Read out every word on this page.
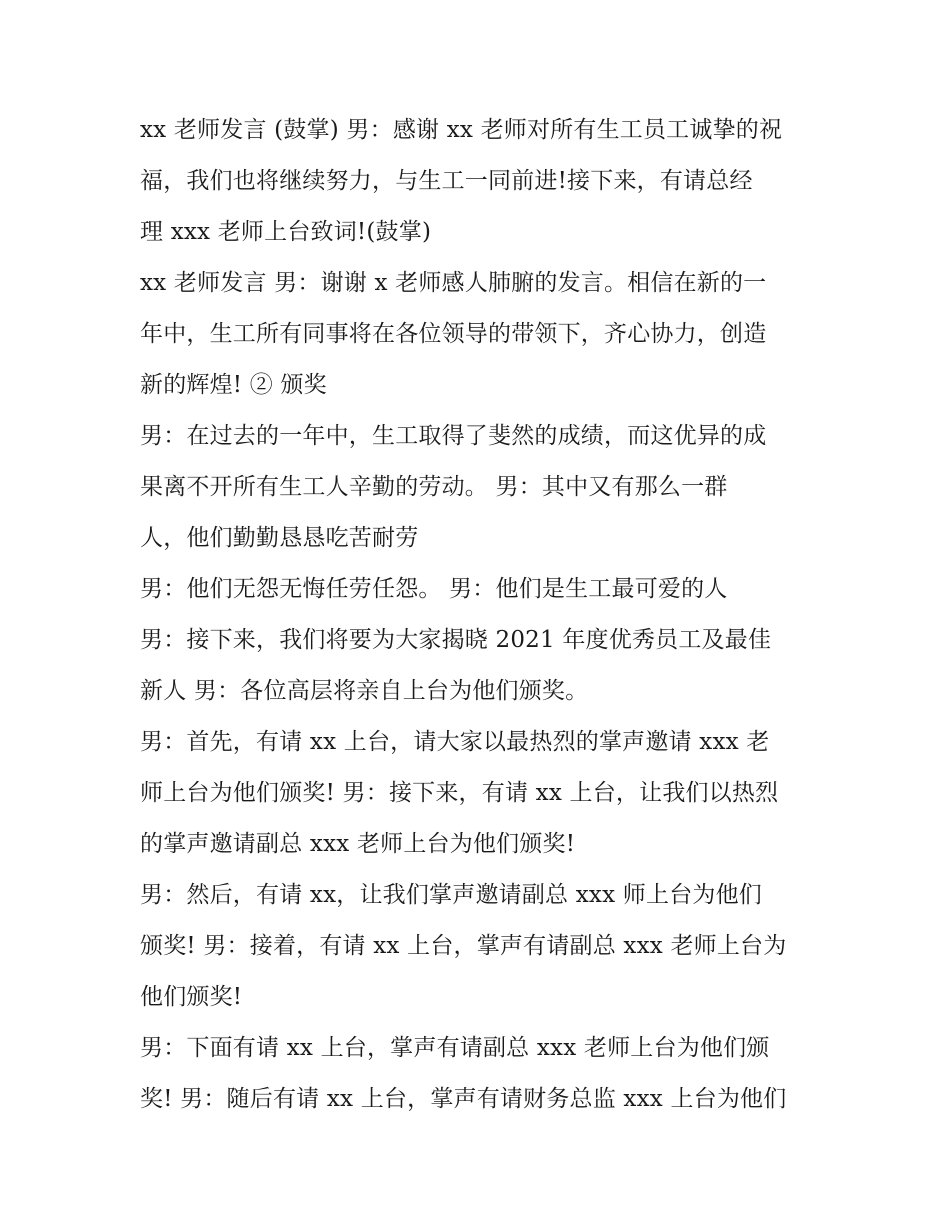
xx 老师发言 (鼓掌) 男：感谢 xx 老师对所有生工员工诚挚的祝
福，我们也将继续努力，与生工一同前进!接下来，有请总经
理 xxx 老师上台致词!(鼓掌)
xx 老师发言 男：谢谢 x 老师感人肺腑的发言。相信在新的一
年中，生工所有同事将在各位领导的带领下，齐心协力，创造
新的辉煌! ② 颁奖
男：在过去的一年中，生工取得了斐然的成绩，而这优异的成
果离不开所有生工人辛勤的劳动。 男：其中又有那么一群
人，他们勤勤恳恳吃苦耐劳
男：他们无怨无悔任劳任怨。 男：他们是生工最可爱的人
男：接下来，我们将要为大家揭晓 2021 年度优秀员工及最佳
新人 男：各位高层将亲自上台为他们颁奖。
男：首先，有请 xx 上台，请大家以最热烈的掌声邀请 xxx 老
师上台为他们颁奖! 男：接下来，有请 xx 上台，让我们以热烈
的掌声邀请副总 xxx 老师上台为他们颁奖!
男：然后，有请 xx，让我们掌声邀请副总 xxx 师上台为他们
颁奖! 男：接着，有请 xx 上台，掌声有请副总 xxx 老师上台为
他们颁奖!
男：下面有请 xx 上台，掌声有请副总 xxx 老师上台为他们颁
奖! 男：随后有请 xx 上台，掌声有请财务总监 xxx 上台为他们
